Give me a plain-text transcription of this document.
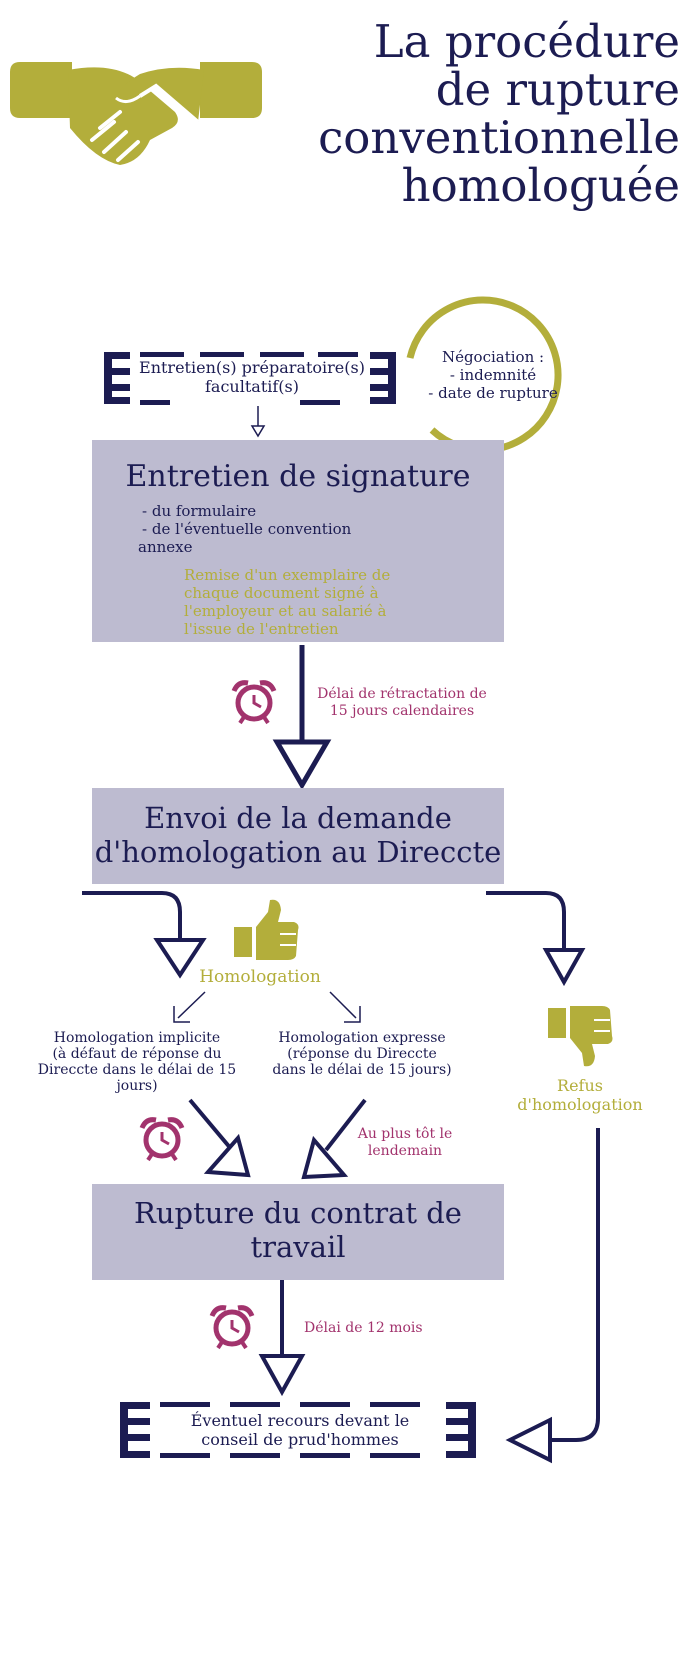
La procédure
de rupture
conventionnelle
homologuée
Entretien(s) préparatoire(s)
facultatif(s)
Négociation :
- indemnité
- date de rupture
Entretien de signature
- du formulaire
- de l'éventuelle convention
annexe
Remise d'un exemplaire de
chaque document signé à
l'employeur et au salarié à
l'issue de l'entretien
Délai de rétractation de
15 jours calendaires
Envoi de la demande
d'homologation au Direccte
Homologation
Homologation implicite
(à défaut de réponse du
Direccte dans le délai de 15
jours)
Homologation expresse
(réponse du Direccte
dans le délai de 15 jours)
Refus
d'homologation
Au plus tôt le
lendemain
Rupture du contrat de
travail
Délai de 12 mois
Éventuel recours devant le
conseil de prud'hommes
